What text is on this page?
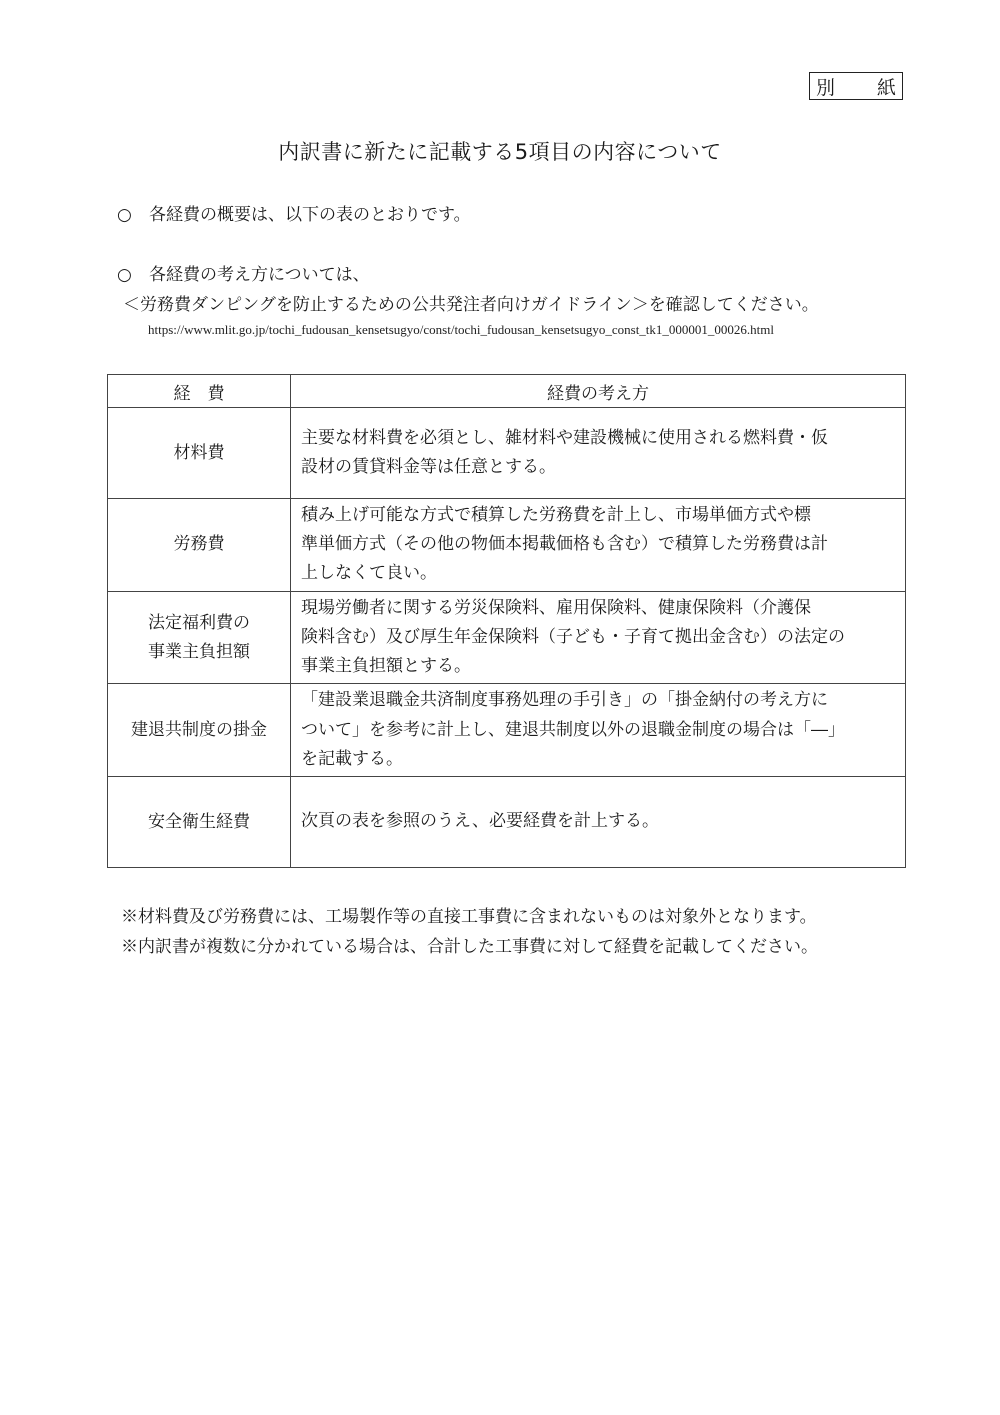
別 紙
内訳書に新たに記載する5項目の内容について
○ 各経費の概要は、以下の表のとおりです。
○ 各経費の考え方については、
＜労務費ダンピングを防止するための公共発注者向けガイドライン＞を確認してください。
https://www.mlit.go.jp/tochi_fudousan_kensetsugyo/const/tochi_fudousan_kensetsugyo_const_tk1_000001_00026.html
経　費	経費の考え方
材料費	主要な材料費を必須とし、雑材料や建設機械に使用される燃料費・仮
設材の賃貸料金等は任意とする。
労務費	積み上げ可能な方式で積算した労務費を計上し、市場単価方式や標
準単価方式（その他の物価本掲載価格も含む）で積算した労務費は計
上しなくて良い。
法定福利費の
事業主負担額	現場労働者に関する労災保険料、雇用保険料、健康保険料（介護保
険料含む）及び厚生年金保険料（子ども・子育て拠出金含む）の法定の
事業主負担額とする。
建退共制度の掛金	「建設業退職金共済制度事務処理の手引き」の「掛金納付の考え方に
ついて」を参考に計上し、建退共制度以外の退職金制度の場合は「―」
を記載する。
安全衛生経費	次頁の表を参照のうえ、必要経費を計上する。
※材料費及び労務費には、工場製作等の直接工事費に含まれないものは対象外となります。
※内訳書が複数に分かれている場合は、合計した工事費に対して経費を記載してください。
